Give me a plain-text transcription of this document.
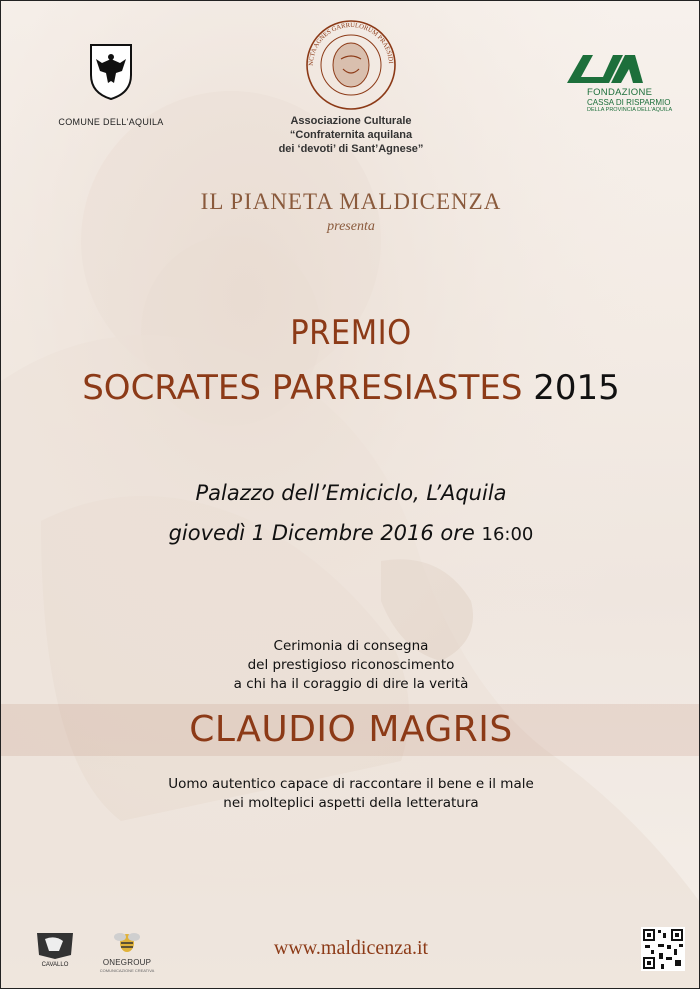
PHS
COMUNE DELL'AQUILA
NCTA AGNES GARRULORUM PRAESIDI
Associazione Culturale
“Confraternita aquilana
dei ‘devoti’ di Sant’Agnese”
FONDAZIONE
CASSA DI RISPARMIO
DELLA PROVINCIA DELL'AQUILA
IL PIANETA MALDICENZA
presenta
PREMIO
SOCRATES PARRESIASTES 2015
Palazzo dell’Emiciclo, L’Aquila
giovedì 1 Dicembre 2016 ore 16:00
Cerimonia di consegna
del prestigioso riconoscimento
a chi ha il coraggio di dire la verità
CLAUDIO MAGRIS
Uomo autentico capace di raccontare il bene e il male
nei molteplici aspetti della letteratura
CAVALLO	ONEGROUP
COMUNICAZIONE CREATIVA
www.maldicenza.it
